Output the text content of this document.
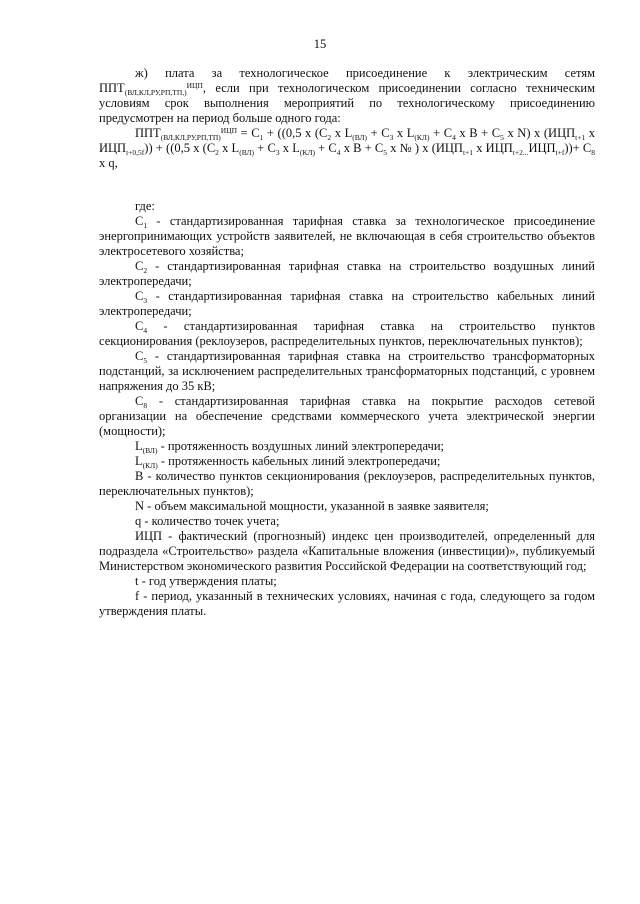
15

ж) плата за технологическое присоединение к электрическим сетям $ППТ_{(ВЛ,КЛ,РУ,РП,ТП,)}^{ИЦП}$, если при технологическом присоединении согласно техническим условиям срок выполнения мероприятий по технологическому присоединению предусмотрен на период больше одного года:

$ППТ_{(ВЛ,КЛ,РУ,РП,ТП)}^{ИЦП} = С_1 + ((0,5$ х ($С_2$ х $L_{(ВЛ)} + С_3$ х $L_{(КЛ)} + С_4$ х $В + С_5$ х N) х ($ИЦП_{t+1}$ х $ИЦП_{t+0,5f})) + ((0,5$ х ($С_2$ х $L_{(ВЛ)} + С_3$ х $L_{(КЛ)} + С_4$ х $В + С_5$ х № ) х ($ИЦП_{t+1}$ х $ИЦП_{t+2...}ИЦП_{t+f}))+ С_8$ х q,

где:

$С_1$ - стандартизированная тарифная ставка за технологическое присоединение энергопринимающих устройств заявителей, не включающая в себя строительство объектов электросетевого хозяйства;

$С_2$ - стандартизированная тарифная ставка на строительство воздушных линий электропередачи;

$С_3$ - стандартизированная тарифная ставка на строительство кабельных линий электропередачи;

$С_4$ - стандартизированная тарифная ставка на строительство пунктов секционирования (реклоузеров, распределительных пунктов, переключательных пунктов);

$С_5$ - стандартизированная тарифная ставка на строительство трансформаторных подстанций, за исключением распределительных трансформаторных подстанций, с уровнем напряжения до 35 кВ;

$С_8$ - стандартизированная тарифная ставка на покрытие расходов сетевой организации на обеспечение средствами коммерческого учета электрической энергии (мощности);

$L_{(ВЛ)}$ - протяженность воздушных линий электропередачи;

$L_{(КЛ)}$ - протяженность кабельных линий электропередачи;

В - количество пунктов секционирования (реклоузеров, распределительных пунктов, переключательных пунктов);

N - объем максимальной мощности, указанной в заявке заявителя;

q - количество точек учета;

ИЦП - фактический (прогнозный) индекс цен производителей, определенный для подраздела «Строительство» раздела «Капитальные вложения (инвестиции)», публикуемый Министерством экономического развития Российской Федерации на соответствующий год;

t - год утверждения платы;

f - период, указанный в технических условиях, начиная с года, следующего за годом утверждения платы.
